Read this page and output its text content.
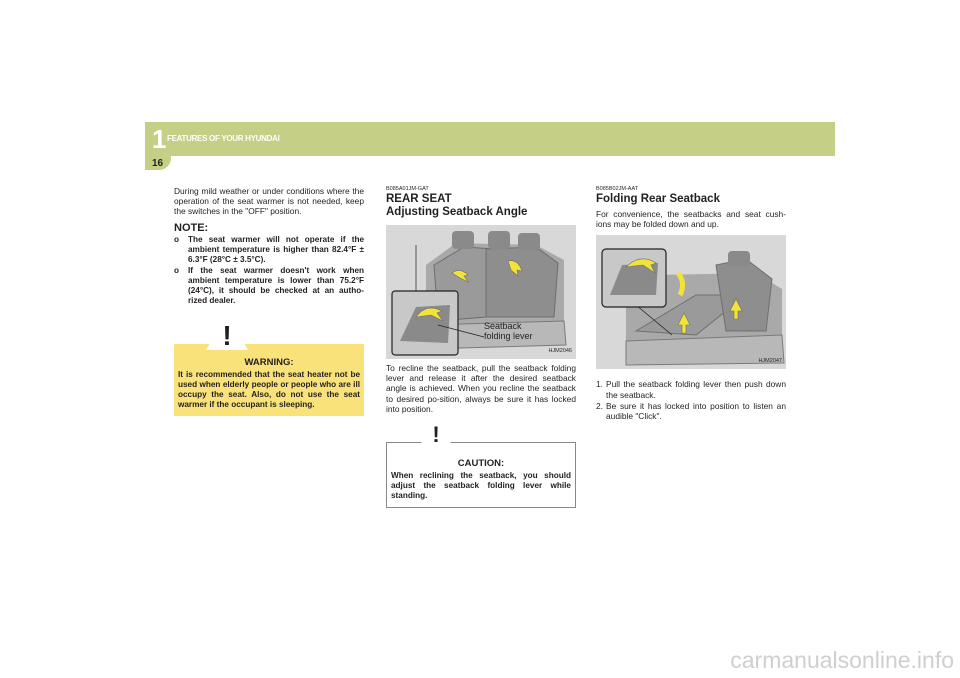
1 FEATURES OF YOUR HYUNDAI
16

During mild weather or under conditions where the operation of the seat warmer is not needed, keep the switches in the "OFF" position.

NOTE:
o The seat warmer will not operate if the ambient temperature is higher than 82.4°F ± 6.3°F (28°C ± 3.5°C).
o If the seat warmer doesn't work when ambient temperature is lower than 75.2°F (24°C), it should be checked at an autho-rized dealer.
!
WARNING:
It is recommended that the seat heater not be used when elderly people or people who are ill occupy the seat. Also, do not use the seat warmer if the occupant is sleeping.
B085A01JM-GAT
REAR SEAT
Adjusting Seatback Angle
Seatback
folding lever
HJM2046

To recline the seatback, pull the seatback folding lever and release it after the desired seatback angle is achieved. When you recline the seatback to desired po-sition, always be sure it has locked into position.

!
CAUTION:
When reclining the seatback, you should adjust the seatback folding lever while standing.
B085B02JM-AAT
Folding Rear Seatback

For convenience, the seatbacks and seat cush-ions may be folded down and up.

HJM2047
1. Pull the seatback folding lever then push down the seatback.
2. Be sure it has locked into position to listen an audible "Click".
carmanualsonline.info
